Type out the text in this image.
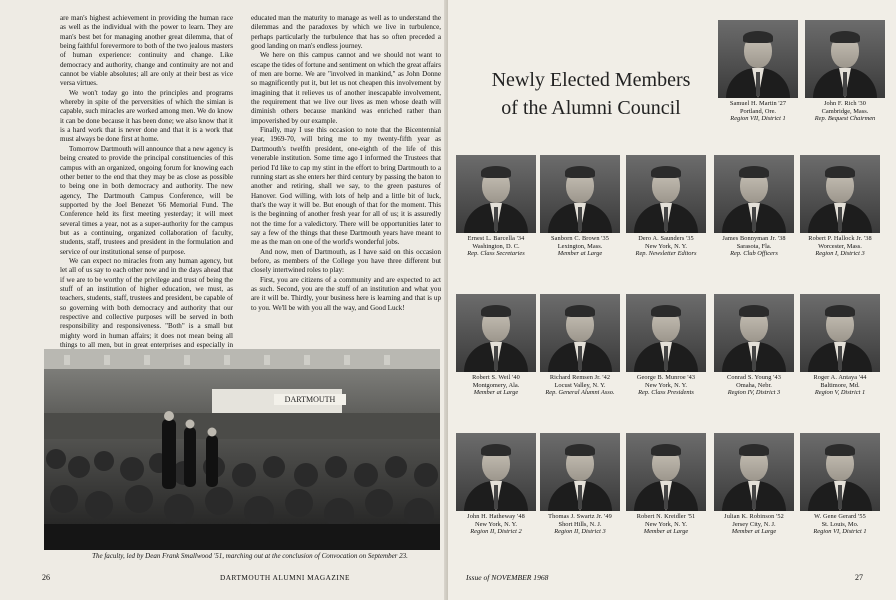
are man's highest achievement in providing the human race as well as the individual with the power to learn. They are man's best bet for managing another great dilemma, that of being faithful forevermore to both of the two jealous masters of human experience: continuity and change. Like democracy and authority, change and continuity are not and cannot be viable absolutes; all are only at their best as vice versa virtues.

We won't today go into the principles and programs whereby in spite of the perversities of which the simian is capable, such miracles are worked among men. We do know it can be done because it has been done; we also know that it is a hard work that is never done and that it is a work that must always be done first at home.

Tomorrow Dartmouth will announce that a new agency is being created to provide the principal constituencies of this campus with an organized, ongoing forum for knowing each other better to the end that they may be as close as possible to being one in both democracy and authority. The new agency, The Dartmouth Campus Conference, will be supported by the Joel Benezet '66 Memorial Fund. The Conference held its first meeting yesterday; it will meet several times a year, not as a super-authority for the campus but as a continuing, organized collaboration of faculty, students, staff, trustees and president in the formulation and service of our institutional sense of purpose.

We can expect no miracles from any human agency, but let all of us say to each other now and in the days ahead that if we are to be worthy of the privilege and trust of being the stuff of an institution of higher education, we must, as teachers, students, staff, trustees and president, be capable of so governing with both democracy and authority that our respective and collective purposes will be served in both responsibility and responsiveness. "Both" is a small but mighty word in human affairs; it does not mean being all things to all men, but in great enterprises and especially in

educated man the maturity to manage as well as to understand the dilemmas and the paradoxes by which we live in turbulence, perhaps particularly the turbulence that has so often preceded a good landing on man's endless journey.

We here on this campus cannot and we should not want to escape the tides of fortune and sentiment on which the great affairs of men are borne. We are "involved in mankind," as John Donne so magnificently put it, but let us not cheapen this involvement by imagining that it relieves us of another inescapable involvement, the requirement that we live our lives as men whose death will diminish others because mankind was enriched rather than impoverished by our example.

Finally, may I use this occasion to note that the Bicentennial year, 1969-70, will bring me to my twenty-fifth year as Dartmouth's twelfth president, one-eighth of the life of this venerable institution. Some time ago I informed the Trustees that period I'd like to cap my stint in the effort to bring Dartmouth to a running start as she enters her third century by passing the baton to another and retiring, shall we say, to the green pastures of Hanover. God willing, with lots of help and a little bit of luck, that's the way it will be. But enough of that for the moment. This is the beginning of another fresh year for all of us; it is assuredly not the time for a valedictory. There will be opportunities later to say a few of the things that these Dartmouth years have meant to me as the man on one of the world's wonderful jobs.

And now, men of Dartmouth, as I have said on this occasion before, as members of the College you have three different but closely intertwined roles to play:

First, you are citizens of a community and are expected to act as such. Second, you are the stuff of an institution and what you are it will be. Thirdly, your business here is learning and that is up to you. We'll be with you all the way, and Good Luck!

DARTMOUTH
The faculty, led by Dean Frank Smallwood '51, marching out at the conclusion of Convocation on September 23.
26	DARTMOUTH ALUMNI MAGAZINE
Newly Elected Members
of the Alumni Council	Samuel H. Martin '27
Portland, Ore.
Region VII, District 1
John F. Rich '30
Cambridge, Mass.
Rep. Bequest Chairmen
Ernest L. Barcella '34
Washington, D. C.
Rep. Class Secretaries
Sanborn C. Brown '35
Lexington, Mass.
Member at Large
Dero A. Saunders '35
New York, N. Y.
Rep. Newsletter Editors
James Bonnyman Jr. '38
Sarasota, Fla.
Rep. Club Officers
Robert P. Hallock Jr. '38
Worcester, Mass.
Region I, District 3
Robert S. Weil '40
Montgomery, Ala.
Member at Large
Richard Remsen Jr. '42
Locust Valley, N. Y.
Rep. General Alumni Asso.
George B. Munroe '43
New York, N. Y.
Rep. Class Presidents
Conrad S. Young '43
Omaha, Nebr.
Region IV, District 3
Roger A. Antaya '44
Baltimore, Md.
Region V, District 1
John H. Hatheway '48
New York, N. Y.
Region II, District 2
Thomas J. Swartz Jr. '49
Short Hills, N. J.
Region II, District 3
Robert N. Kreidler '51
New York, N. Y.
Member at Large
Julian K. Robinson '52
Jersey City, N. J.
Member at Large
W. Gene Gerard '55
St. Louis, Mo.
Region VI, District 1
Issue of NOVEMBER 1968	27
